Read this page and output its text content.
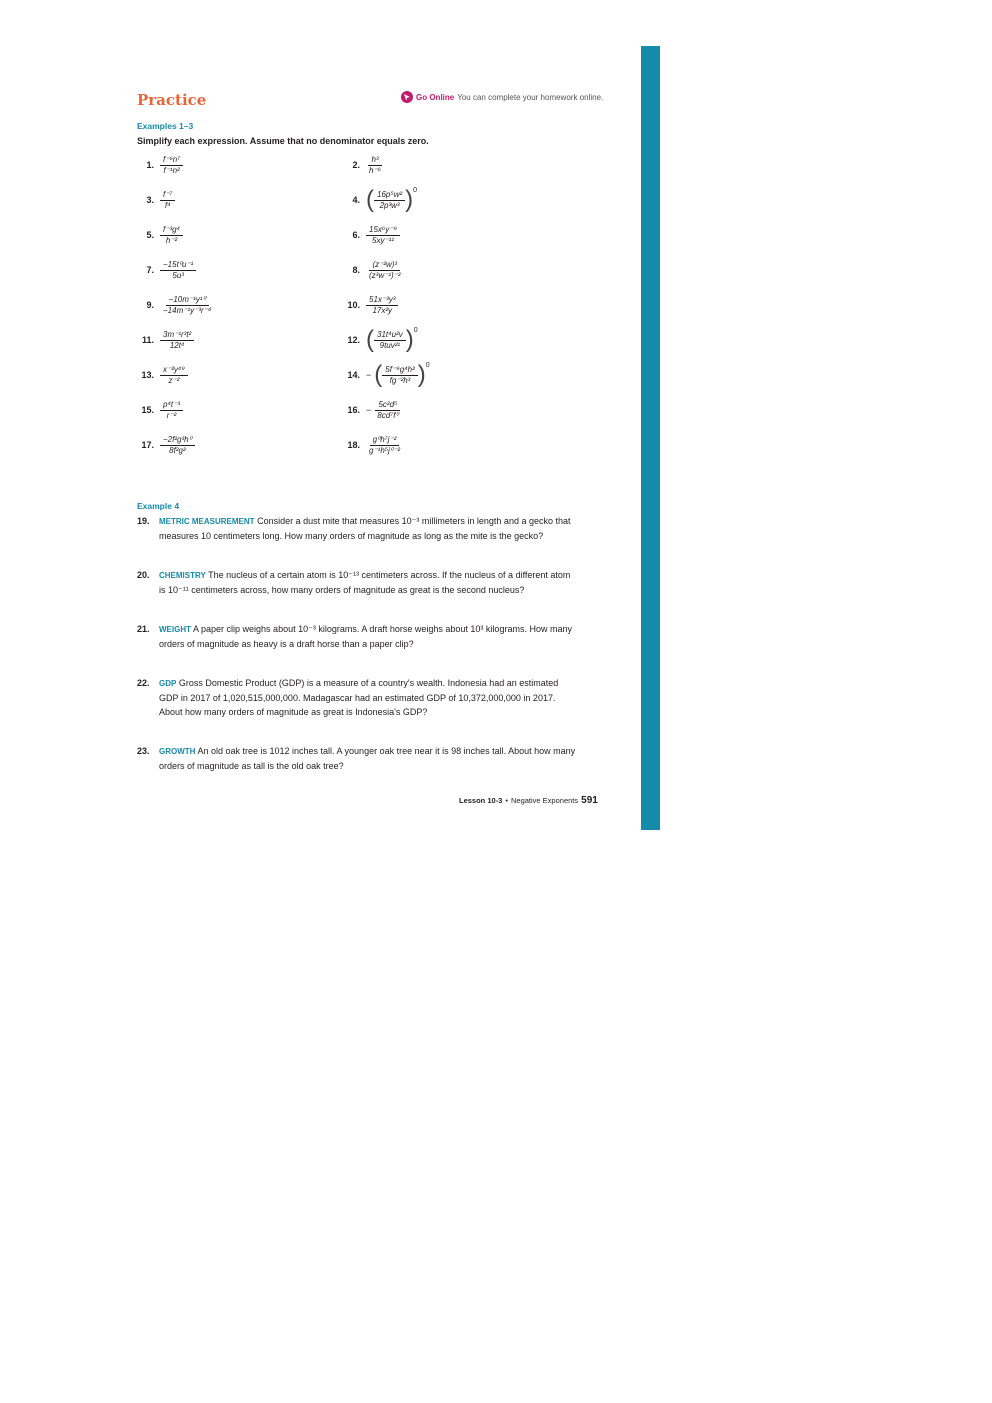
Practice	Go Online You can complete your homework online.
Examples 1–3
Simplify each expression. Assume that no denominator equals zero.
1. $\frac{\text{f⁻⁶n⁷}}{\text{f⁻¹n²}}$	2. $\frac{\text{h³}}{\text{h⁻⁶}}$
3. $\frac{\text{f⁻⁷}}{\text{f⁴}}$	4. ( $\frac{\text{16p⁵w²}}{\text{2p³w³}}$ ) 0
5. $\frac{\text{f⁻³g⁴}}{\text{h⁻²}}$	6. $\frac{\text{15x⁶y⁻⁹}}{\text{5xy⁻¹¹}}$
7. $\frac{\text{−15t⁰u⁻¹}}{\text{5u³}}$	8. $\frac{\text{(z⁻²w)³}}{\text{(z³w⁻¹)⁻²}}$
9. $\frac{\text{−10m⁻¹y¹⁰}}{\text{−14m⁻¹y⁻³r⁻⁴}}$	10. $\frac{\text{51x⁻³y³}}{\text{17x²y}}$
11. $\frac{\text{3m⁻¹r³t²}}{\text{12t⁴}}$	12. ( $\frac{\text{31t⁴u²v}}{\text{9tuv²¹}}$ ) 0
13. $\frac{\text{x⁻²y⁴⁹}}{\text{z⁻²}}$	14. − ( $\frac{\text{5f⁻⁹g⁴h²}}{\text{fg⁻²h³}}$ ) 0
15. $\frac{\text{p⁴t⁻³}}{\text{r⁻²}}$	16. − $\frac{\text{5c²d⁵}}{\text{8cd⁷f⁰}}$
17. $\frac{\text{−2f²g³h⁰}}{\text{8f²g²}}$	18. $\frac{\text{g⁰h⁷j⁻²}}{\text{g⁻¹h⁵j⁰⁻²}}$
Example 4
19. METRIC MEASUREMENT Consider a dust mite that measures 10⁻³ millimeters in length and a gecko that measures 10 centimeters long. How many orders of magnitude as long as the mite is the gecko?
20. CHEMISTRY The nucleus of a certain atom is 10⁻¹³ centimeters across. If the nucleus of a different atom is 10⁻¹¹ centimeters across, how many orders of magnitude as great is the second nucleus?
21. WEIGHT A paper clip weighs about 10⁻³ kilograms. A draft horse weighs about 10³ kilograms. How many orders of magnitude as heavy is a draft horse than a paper clip?
22. GDP Gross Domestic Product (GDP) is a measure of a country's wealth. Indonesia had an estimated GDP in 2017 of 1,020,515,000,000. Madagascar had an estimated GDP of 10,372,000,000 in 2017. About how many orders of magnitude as great is Indonesia's GDP?
23. GROWTH An old oak tree is 1012 inches tall. A younger oak tree near it is 98 inches tall. About how many orders of magnitude as tall is the old oak tree?
Lesson 10-3 • Negative Exponents 591
